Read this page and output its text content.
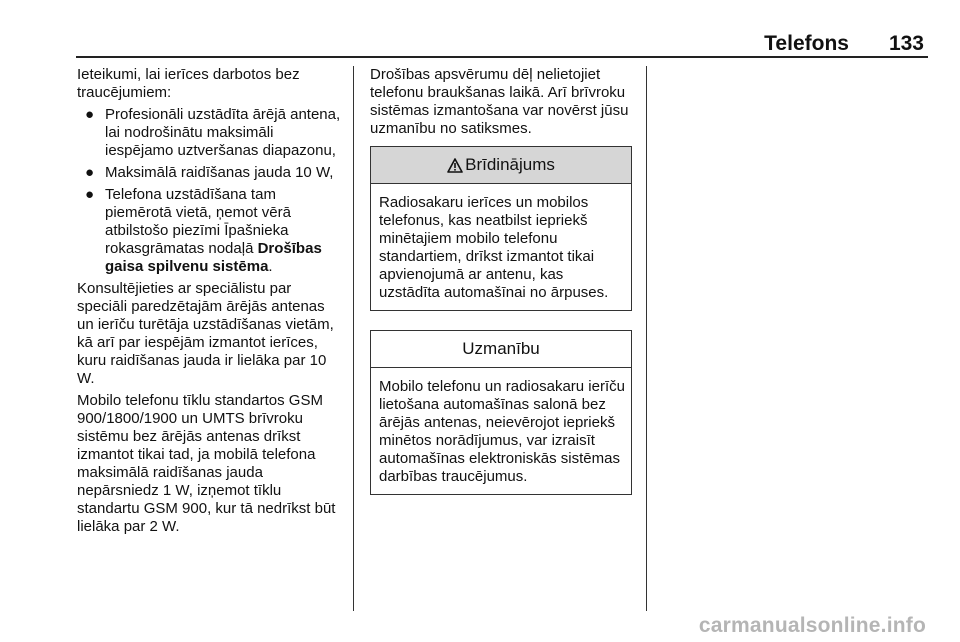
Telefons 133

Ieteikumi, lai ierīces darbotos bez traucējumiem:

● Profesionāli uzstādīta ārējā antena, lai nodrošinātu maksimāli iespējamo uztveršanas diapazonu,
● Maksimālā raidīšanas jauda 10 W,
● Telefona uzstādīšana tam piemērotā vietā, ņemot vērā atbilstošo piezīmi Īpašnieka rokasgrāmatas nodaļā Drošības gaisa spilvenu sistēma.

Konsultējieties ar speciālistu par speciāli paredzētajām ārējās antenas un ierīču turētāja uzstādīšanas vietām, kā arī par iespējām izmantot ierīces, kuru raidīšanas jauda ir lielāka par 10 W.

Mobilo telefonu tīklu standartos GSM 900/1800/1900 un UMTS brīvroku sistēmu bez ārējās antenas drīkst izmantot tikai tad, ja mobilā telefona maksimālā raidīšanas jauda nepārsniedz 1 W, izņemot tīklu standartu GSM 900, kur tā nedrīkst būt lielāka par 2 W.

Drošības apsvērumu dēļ nelietojiet telefonu braukšanas laikā. Arī brīvroku sistēmas izmantošana var novērst jūsu uzmanību no satiksmes.

Brīdinājums
Radiosakaru ierīces un mobilos telefonus, kas neatbilst iepriekš minētajiem mobilo telefonu standartiem, drīkst izmantot tikai apvienojumā ar antenu, kas uzstādīta automašīnai no ārpuses.
Uzmanību
Mobilo telefonu un radiosakaru ierīču lietošana automašīnas salonā bez ārējās antenas, neievērojot iepriekš minētos norādījumus, var izraisīt automašīnas elektroniskās sistēmas darbības traucējumus.
carmanualsonline.info
